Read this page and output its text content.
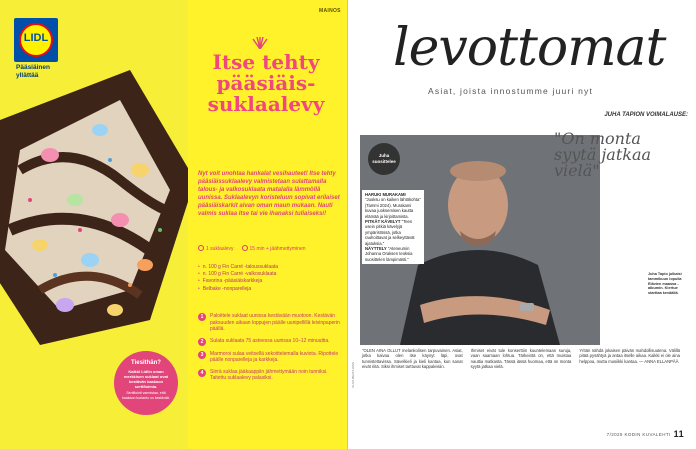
LIDL
Pääsiäinen yllättää
MAINOS
Itse tehty pääsiäis-suklaalevy

Nyt voit unohtaa hankalat vesihauteet! Itse tehty pääsiäissuklaalevy valmistetaan sulattamalla talous- ja valkosuklaata matalalla lämmöllä uunissa. Suklaalevyn koristeluun sopivat erilaiset pääsiäiskarkit aivan oman maun mukaan. Nauti valmis suklaa itse tai vie ihanaksi tuliaiseksi!

1 suklaalevy	15 min + jäähmettyminen
• n. 100 g Fin Carré -taloussuklaata
• n. 100 g Fin Carré -valkosuklaata
• Favorina -pääsiäiskarkkeja
• Belbake -nonparelleja
1	Paloittele suklaat uunissa kestävään muotoon. Kestävän paksuuden aikaan loppujen päälle uunipellillä leivinpaperin päällä.
2	Sulata suklaata 75 asteessa uunissa 10–12 minuuttia.
3	Marmoroi sulaa veitsellä sekoittelemalla kuviota. Ripottele päälle nonparelleja ja karkkeja.
4	Siirrä suklaa jääkaappiin jähmettymään noin tunniksi. Taitettu suklaalevy palasiksi.
Tiesithän?
Kaikki Lidlin oman merkkisen suklaat ovat kestävän kaakaon sertifioimia.
Sertifiointi varmistaa, että kaakaon tuotanto on kestävää.
levottomat
Asiat, joista innostumme juuri nyt
JUHA TAPION VOIMALAUSE:
"On monta syytä jatkaa vielä"
Juha suosittelee

HARUKI MURAKAMI "Juoksu on kaiken lähtökohta" (Tammi 2024). Murakami kuvaa juoksemisen kautta elämää ja kirjoittamista.

PITKÄT KÄVELYT "Teen usein pitkiä kävelyjä ympäristössä, jotka rauhoittavat ja selkeyttävät ajatuksia."

NÄYTTELY "Ateneumin Johanna Oraksen teoksia suosittelen lämpimästi."

Juha Tapio julkaisi tammikuun lopulla Elävien maassa -albumin. Kiertue starttaa keväällä.
KUVA BEATA KISS

"OLEN AINA OLLUT melankolisen tarpuvainen. Asiat, jotka kaivaa olen itse käynyt läpi, ovat tunnistettavissa. Sävelkieli ja kieli kantaa, kun sanat eivät riitä. Siksi ihmiset tarttuvat kappaleisiin.

Ihmiset eivät tule konserttiin kuuntelemaan suruja, vaan saamaan lohtua. Tärkeintä on, että muistaa nauttia matkasta. Tässä iässä huomaa, että on monta syytä jatkaa vielä.

Yritän nähdä jokaisen päivän mahdollisuutena. Välillä pitää pysähtyä ja antaa itselle aikaa. Kaikki ei ole aina helppoa, mutta musiikki kantaa. — ANNA ELLANPÄÄ

7/2025 KODIN KUVALEHTI 11
